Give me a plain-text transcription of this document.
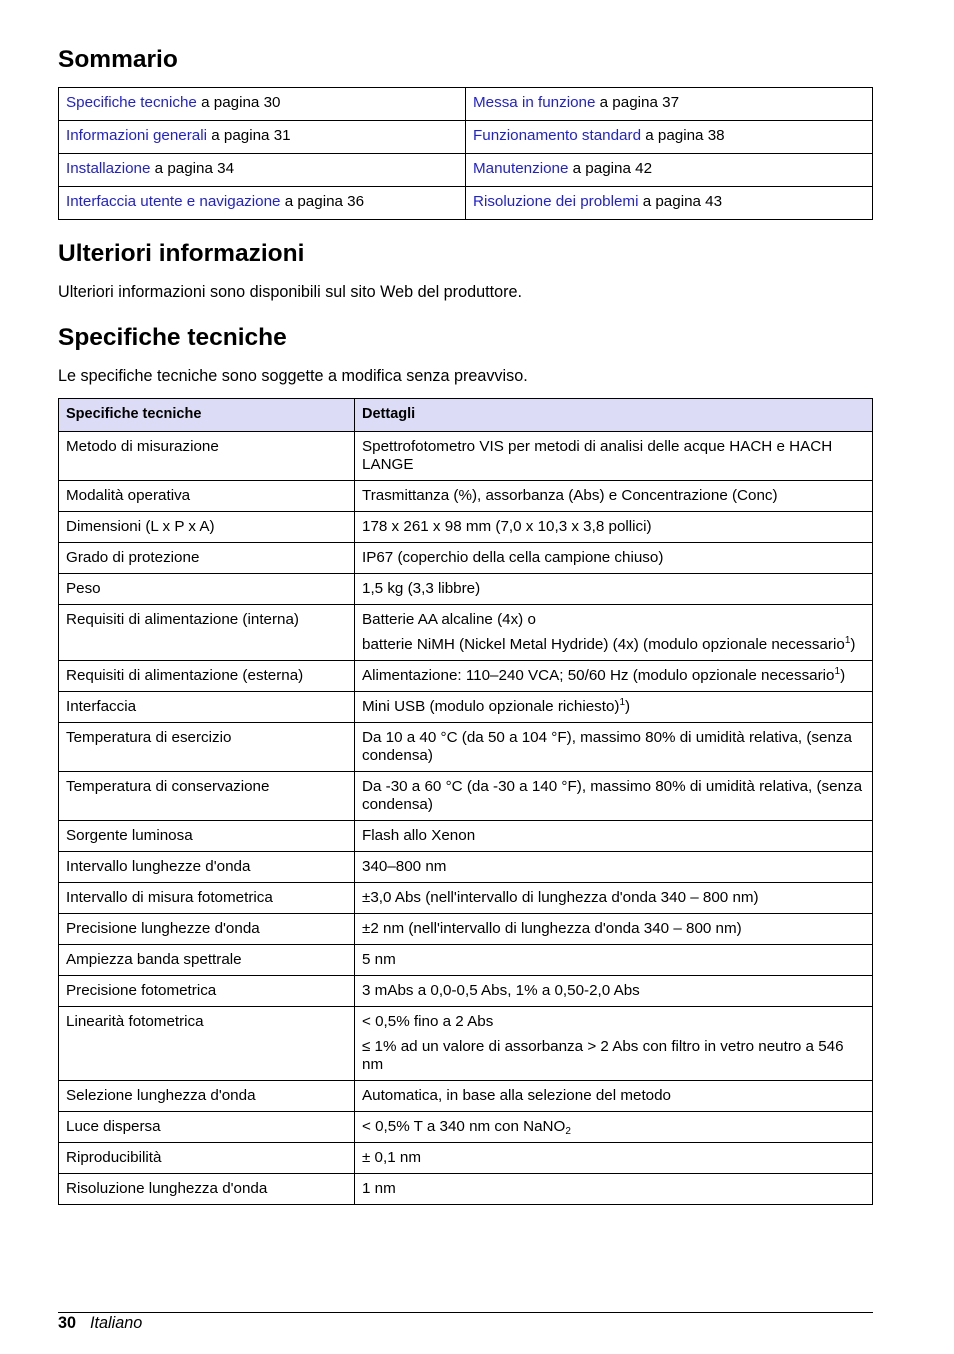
Sommario
Specifiche tecniche a pagina 30	Messa in funzione a pagina 37
Informazioni generali a pagina 31	Funzionamento standard a pagina 38
Installazione a pagina 34	Manutenzione a pagina 42
Interfaccia utente e navigazione a pagina 36	Risoluzione dei problemi a pagina 43
Ulteriori informazioni

Ulteriori informazioni sono disponibili sul sito Web del produttore.

Specifiche tecniche

Le specifiche tecniche sono soggette a modifica senza preavviso.

Specifiche tecniche	Dettagli
Metodo di misurazione	Spettrofotometro VIS per metodi di analisi delle acque HACH e HACH LANGE

Modalità operativa	Trasmittanza (%), assorbanza (Abs) e Concentrazione (Conc)

Dimensioni (L x P x A)	178 x 261 x 98 mm (7,0 x 10,3 x 3,8 pollici)

Grado di protezione	IP67 (coperchio della cella campione chiuso)

Peso	1,5 kg (3,3 libbre)

Requisiti di alimentazione (interna)	Batterie AA alcaline (4x) o

batterie NiMH (Nickel Metal Hydride) (4x) (modulo opzionale necessario$^1$)

Requisiti di alimentazione (esterna)	Alimentazione: 110–240 VCA; 50/60 Hz (modulo opzionale necessario$^1$)

Interfaccia	Mini USB (modulo opzionale richiesto)$^1$)

Temperatura di esercizio	Da 10 a 40 °C (da 50 a 104 °F), massimo 80% di umidità relativa, (senza condensa)

Temperatura di conservazione	Da -30 a 60 °C (da -30 a 140 °F), massimo 80% di umidità relativa, (senza condensa)

Sorgente luminosa	Flash allo Xenon

Intervallo lunghezze d'onda	340–800 nm

Intervallo di misura fotometrica	±3,0 Abs (nell'intervallo di lunghezza d'onda 340 – 800 nm)

Precisione lunghezze d'onda	±2 nm (nell'intervallo di lunghezza d'onda 340 – 800 nm)

Ampiezza banda spettrale	5 nm

Precisione fotometrica	3 mAbs a 0,0-0,5 Abs, 1% a 0,50-2,0 Abs

Linearità fotometrica	< 0,5% fino a 2 Abs

≤ 1% ad un valore di assorbanza > 2 Abs con filtro in vetro neutro a 546 nm

Selezione lunghezza d'onda	Automatica, in base alla selezione del metodo

Luce dispersa	< 0,5% T a 340 nm con NaNO$_2$

Riproducibilità	± 0,1 nm

Risoluzione lunghezza d'onda	1 nm

30 Italiano
